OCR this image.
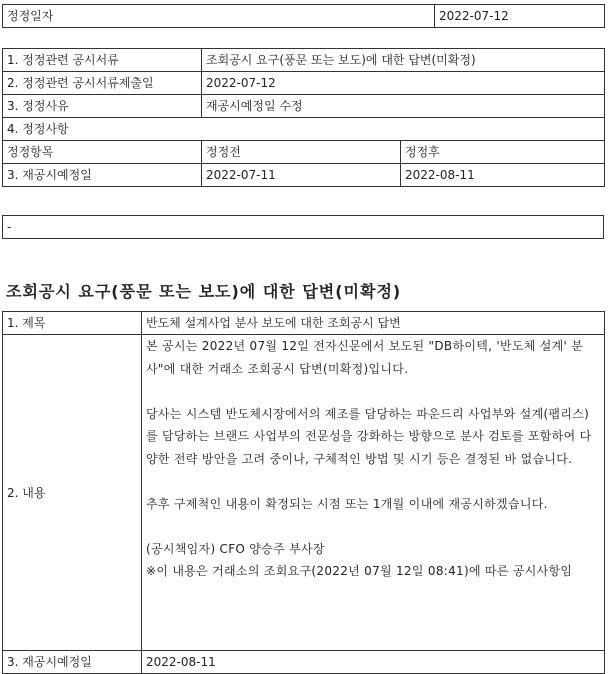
정정일자	2022-07-12
1. 정정관련 공시서류	조회공시 요구(풍문 또는 보도)에 대한 답변(미확정)	
2. 정정관련 공시서류제출일	2022-07-12	
3. 정정사유	재공시예정일 수정	
4. 정정사항		
정정항목	정정전	정정후
3. 재공시예정일	2022-07-11	2022-08-11
-
조회공시 요구(풍문 또는 보도)에 대한 답변(미확정)
1. 제목	반도체 설계사업 분사 보도에 대한 조회공시 답변
2. 내용	본 공시는 2022년 07월 12일 전자신문에서 보도된 "DB하이텍, '반도체 설계' 분사"에 대한 거래소 조회공시 답변(미확정)입니다.

당사는 시스템 반도체시장에서의 제조를 담당하는 파운드리 사업부와 설계(팹리스)를 담당하는 브랜드 사업부의 전문성을 강화하는 방향으로 분사 검토를 포함하여 다양한 전략 방안을 고려 중이나, 구체적인 방법 및 시기 등은 결정된 바 없습니다.

추후 구제척인 내용이 확정되는 시점 또는 1개월 이내에 재공시하겠습니다.

(공시책임자) CFO 양승주 부사장

※이 내용은 거래소의 조회요구(2022년 07월 12일 08:41)에 따른 공시사항임

3. 재공시예정일	2022-08-11
